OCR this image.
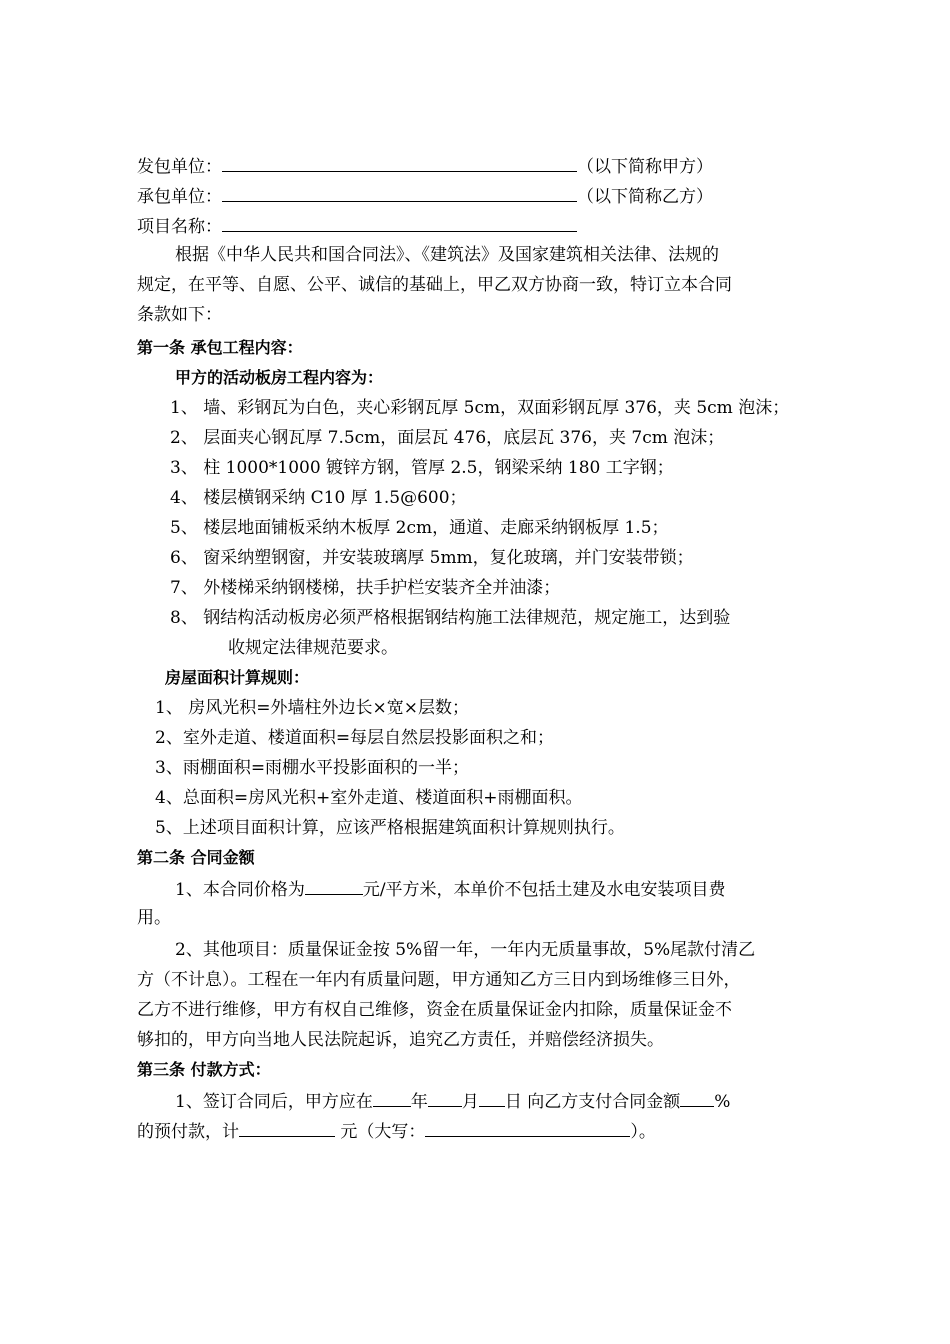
发包单位：	（以下简称甲方）
承包单位：	（以下简称乙方）
项目名称：
根据《中华人民共和国合同法》、《建筑法》及国家建筑相关法律、法规的
规定，在平等、自愿、公平、诚信的基础上，甲乙双方协商一致，特订立本合同
条款如下：
第一条 承包工程内容：
甲方的活动板房工程内容为：
1、 墙、彩钢瓦为白色，夹心彩钢瓦厚 5cm，双面彩钢瓦厚 376，夹 5cm 泡沫；
2、 层面夹心钢瓦厚 7.5cm，面层瓦 476，底层瓦 376，夹 7cm 泡沫；
3、 柱 1000*1000 镀锌方钢，管厚 2.5，钢梁采纳 180 工字钢；
4、 楼层横钢采纳 C10 厚 1.5@600；
5、 楼层地面铺板采纳木板厚 2cm，通道、走廊采纳钢板厚 1.5；
6、 窗采纳塑钢窗，并安装玻璃厚 5mm，复化玻璃，并门安装带锁；
7、 外楼梯采纳钢楼梯，扶手护栏安装齐全并油漆；
8、 钢结构活动板房必须严格根据钢结构施工法律规范，规定施工，达到验
收规定法律规范要求。
房屋面积计算规则：
1、 房风光积=外墙柱外边长×宽×层数；
2、室外走道、楼道面积=每层自然层投影面积之和；
3、雨棚面积=雨棚水平投影面积的一半；
4、总面积=房风光积+室外走道、楼道面积+雨棚面积。
5、上述项目面积计算，应该严格根据建筑面积计算规则执行。
第二条 合同金额
1、本合同价格为	元/平方米，本单价不包括土建及水电安装项目费
用。
2、其他项目：质量保证金按 5%留一年，一年内无质量事故，5%尾款付清乙
方（不计息）。工程在一年内有质量问题，甲方通知乙方三日内到场维修三日外，
乙方不进行维修，甲方有权自己维修，资金在质量保证金内扣除，质量保证金不
够扣的，甲方向当地人民法院起诉，追究乙方责任，并赔偿经济损失。
第三条 付款方式：
1、签订合同后，甲方应在 年 月 日 向乙方支付合同金额 %
的预付款，计	元（大写：	）。
